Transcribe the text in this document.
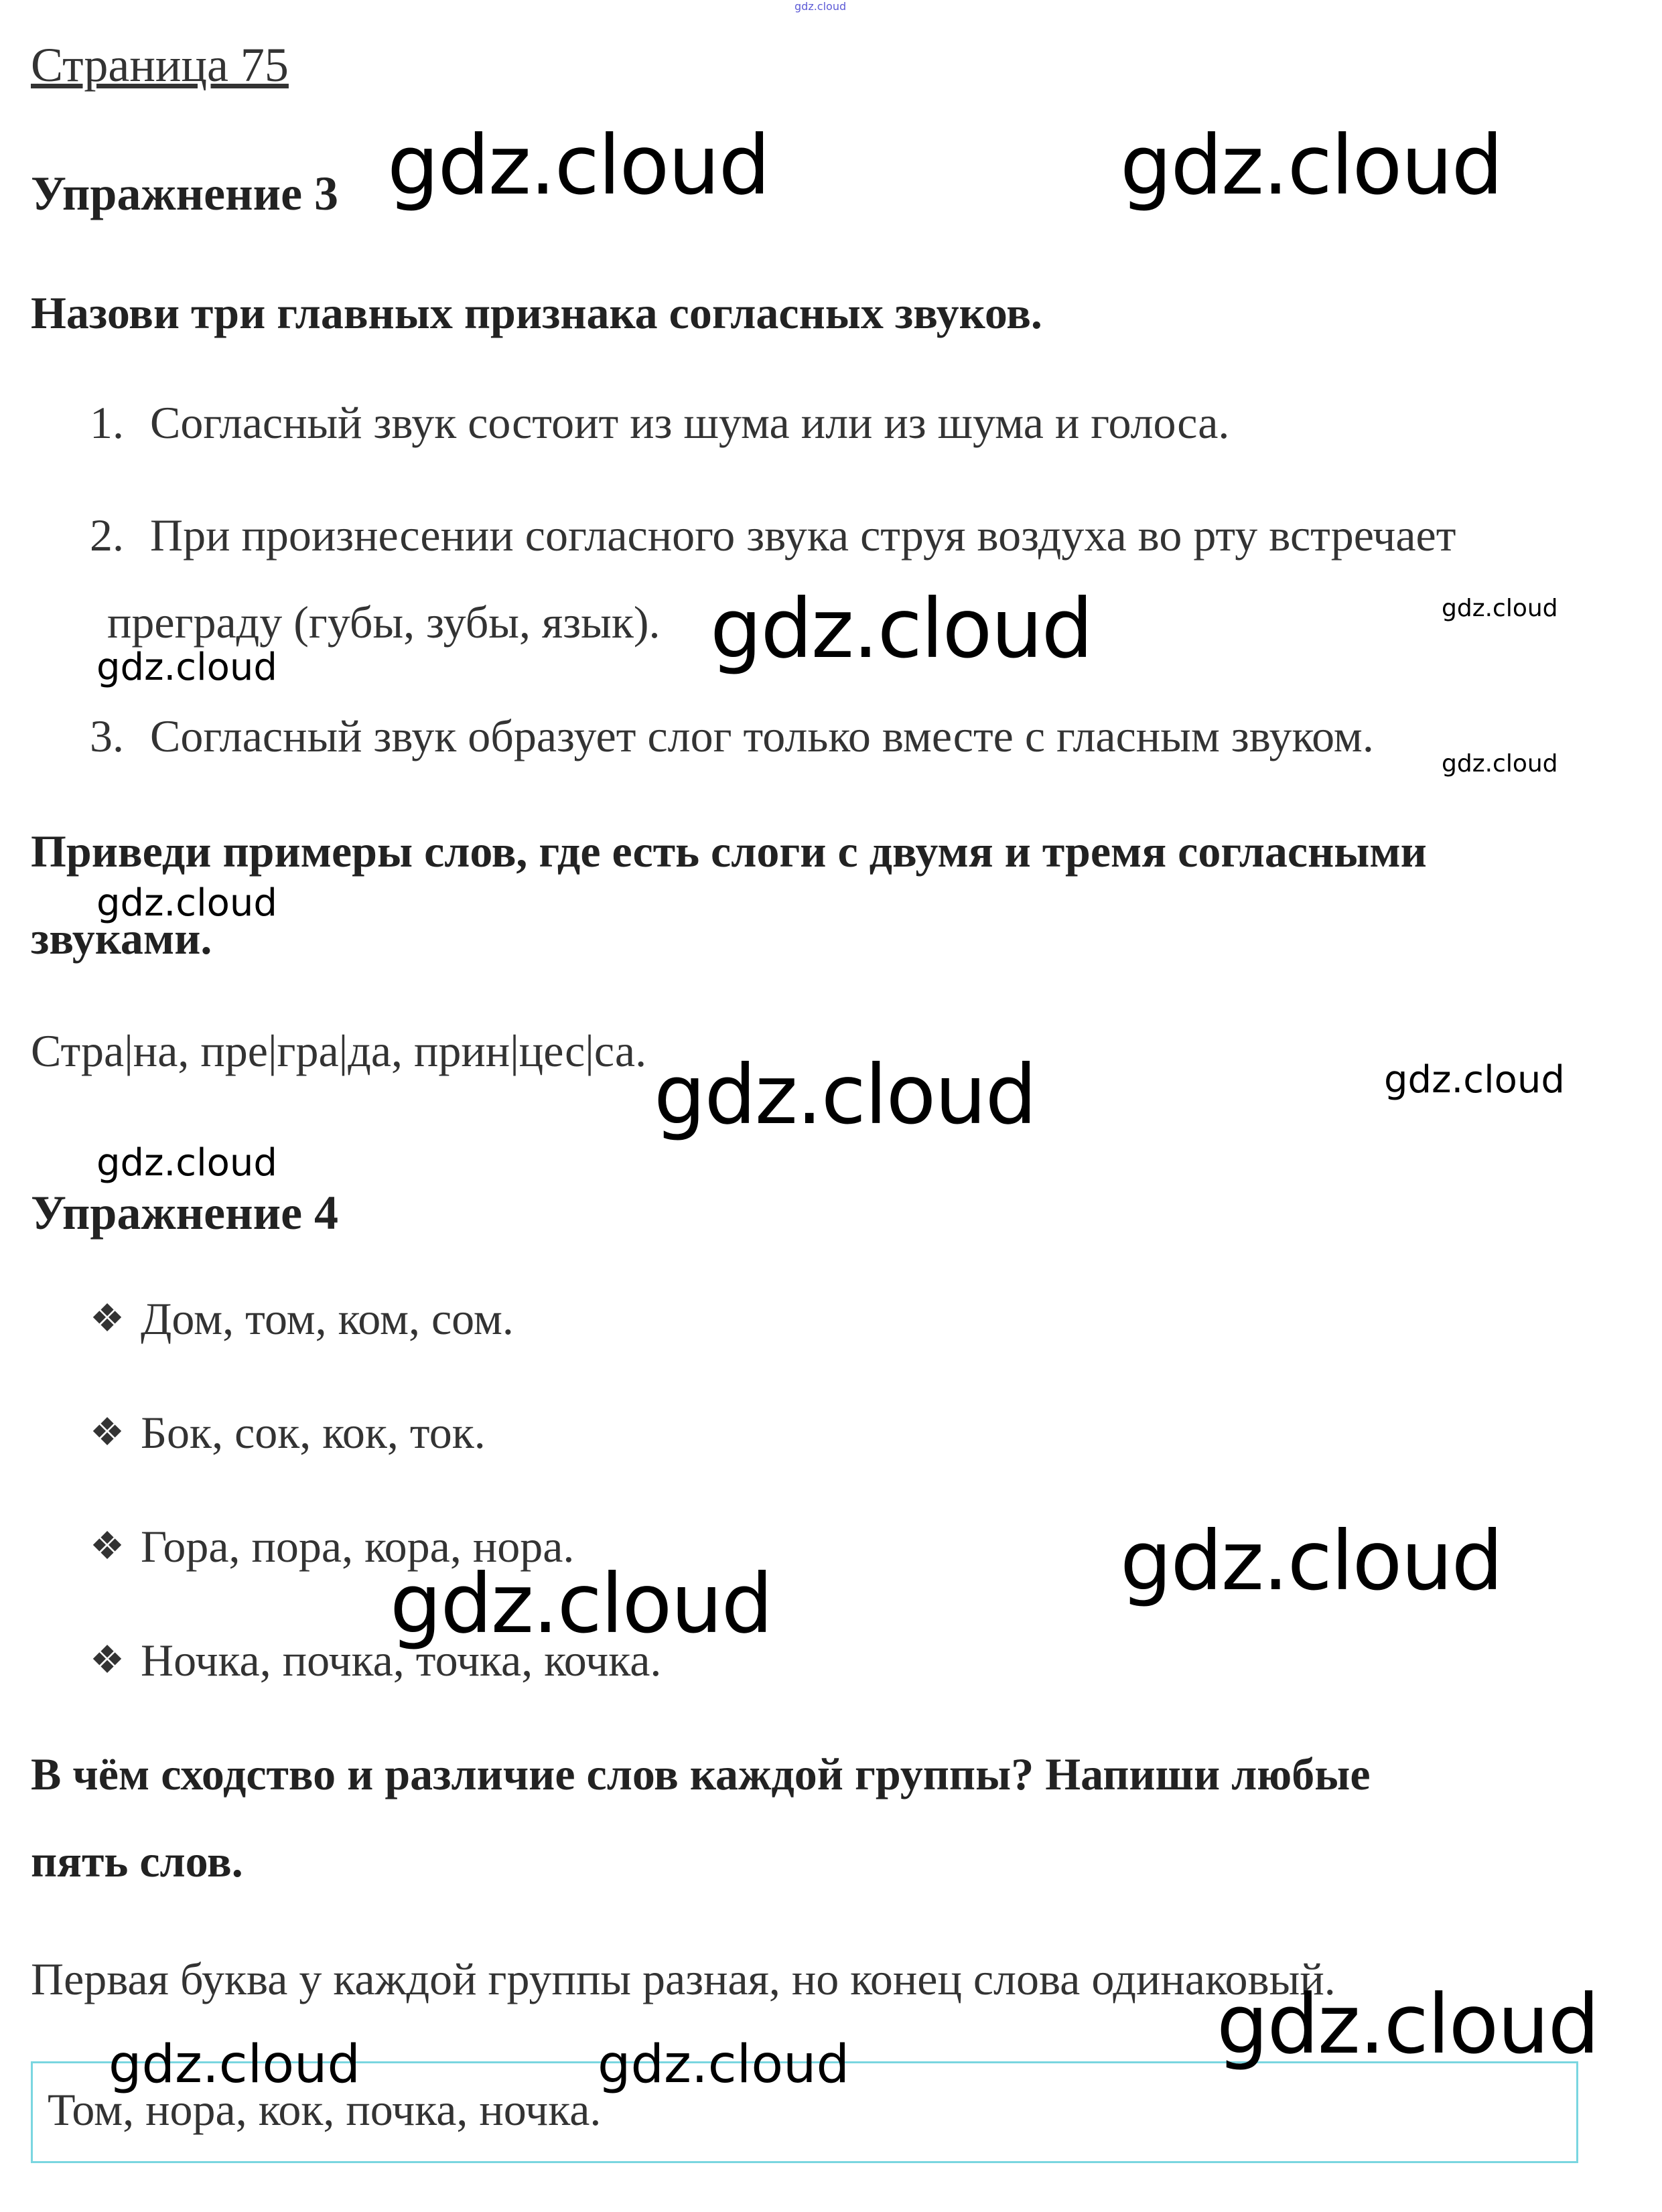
gdz.cloud
Страница 75
Упражнение 3
Назови три главных признака согласных звуков.
1. Согласный звук состоит из шума или из шума и голоса.
2. При произнесении согласного звука струя воздуха во рту встречает
преграду (губы, зубы, язык).
3. Согласный звук образует слог только вместе с гласным звуком.
Приведи примеры слов, где есть слоги с двумя и тремя согласными
звуками.
Стра|на, пре|гра|да, прин|цес|са.
Упражнение 4
❖ Дом, том, ком, сом.
❖ Бок, сок, кок, ток.
❖ Гора, пора, кора, нора.
❖ Ночка, почка, точка, кочка.
В чём сходство и различие слов каждой группы? Напиши любые
пять слов.
Первая буква у каждой группы разная, но конец слова одинаковый.
Том, нора, кок, почка, ночка.
gdz.cloud	gdz.cloud
gdz.cloud	gdz.cloud
gdz.cloud
gdz.cloud
gdz.cloud
gdz.cloud	gdz.cloud
gdz.cloud
gdz.cloud
gdz.cloud
gdz.cloud
gdz.cloud	gdz.cloud
